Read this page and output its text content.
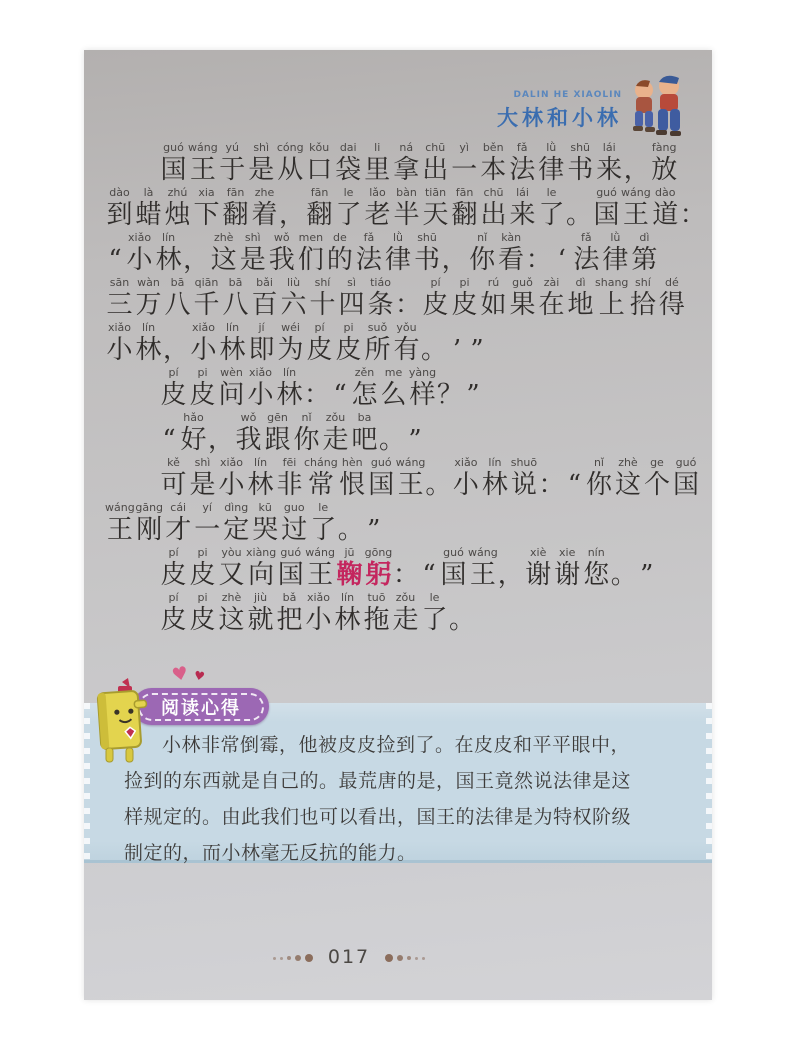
DALIN HE XIAOLIN
大林和小林
guó
国
wáng
王
yú
于
shì
是
cóng
从
kǒu
口
dai
袋
li
里
ná
拿
chū
出
yì
一
běn
本
fǎ
法
lǜ
律
shū
书
lái
来 ，
fàng
放
dào
到
là
蜡
zhú
烛
xia
下
fān
翻
zhe
着 ，
fān
翻
le
了
lǎo
老
bàn
半
tiān
天
fān
翻
chū
出
lái
来
le
了 。
guó
国
wáng
王
dào
道 ：
“
xiǎo
小
lín
林 ，
zhè
这
shì
是
wǒ
我
men
们
de
的
fǎ
法
lǜ
律
shū
书 ，
nǐ
你
kàn
看 ： ‘
fǎ
法
lǜ
律
dì
第
sān
三
wàn
万
bā
八
qiān
千
bā
八
bǎi
百
liù
六
shí
十
sì
四
tiáo
条 ：
pí
皮
pi
皮
rú
如
guǒ
果
zài
在
dì
地
shang
上
shí
拾
dé
得
xiǎo
小
lín
林 ，
xiǎo
小
lín
林
jí
即
wéi
为
pí
皮
pi
皮
suǒ
所
yǒu
有 。 ’ ”
pí
皮
pi
皮
wèn
问
xiǎo
小
lín
林 ： “
zěn
怎
me
么
yàng
样 ？ ”
“
hǎo
好 ，
wǒ
我
gēn
跟
nǐ
你
zǒu
走
ba
吧 。 ”
kě
可
shì
是
xiǎo
小
lín
林
fēi
非
cháng
常
hèn
恨
guó
国
wáng
王 。
xiǎo
小
lín
林
shuō
说 ： “
nǐ
你
zhè
这
ge
个
guó
国
wáng
王
gāng
刚
cái
才
yí
一
dìng
定
kū
哭
guo
过
le
了 。 ”
pí
皮
pi
皮
yòu
又
xiàng
向
guó
国
wáng
王
jū
鞠
gōng
躬 ： “
guó
国
wáng
王 ，
xiè
谢
xie
谢
nín
您 。 ”
pí
皮
pi
皮
zhè
这
jiù
就
bǎ
把
xiǎo
小
lín
林
tuō
拖
zǒu
走
le
了 。
♥ ♥
阅读心得

小林非常倒霉，他被皮皮捡到了。在皮皮和平平眼中，捡到的东西就是自己的。最荒唐的是，国王竟然说法律是这样规定的。由此我们也可以看出，国王的法律是为特权阶级制定的，而小林毫无反抗的能力。

017
